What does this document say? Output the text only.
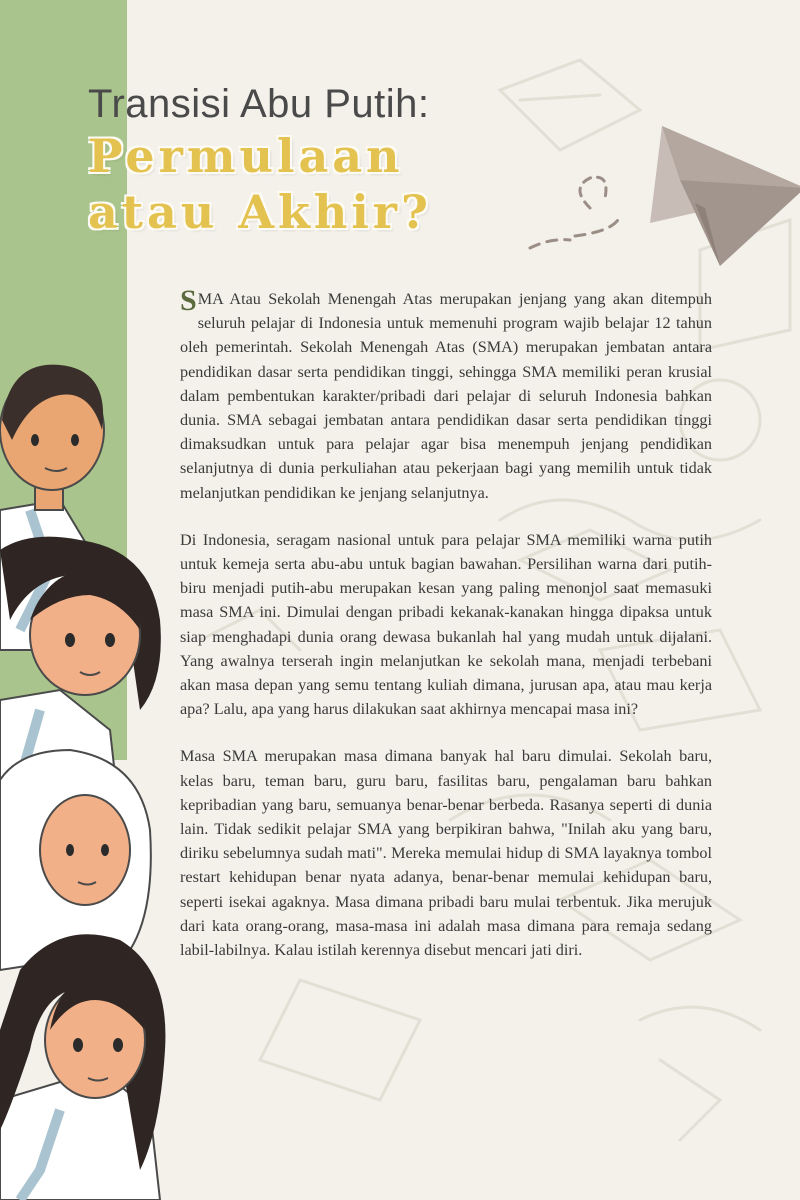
Transisi Abu Putih:
Permulaan
atau Akhir?

SMA Atau Sekolah Menengah Atas merupakan jenjang yang akan ditempuh seluruh pelajar di Indonesia untuk memenuhi program wajib belajar 12 tahun oleh pemerintah. Sekolah Menengah Atas (SMA) merupakan jembatan antara pendidikan dasar serta pendidikan tinggi, sehingga SMA memiliki peran krusial dalam pembentukan karakter/pribadi dari pelajar di seluruh Indonesia bahkan dunia. SMA sebagai jembatan antara pendidikan dasar serta pendidikan tinggi dimaksudkan untuk para pelajar agar bisa menempuh jenjang pendidikan selanjutnya di dunia perkuliahan atau pekerjaan bagi yang memilih untuk tidak melanjutkan pendidikan ke jenjang selanjutnya.

Di Indonesia, seragam nasional untuk para pelajar SMA memiliki warna putih untuk kemeja serta abu-abu untuk bagian bawahan. Persilihan warna dari putih-biru menjadi putih-abu merupakan kesan yang paling menonjol saat memasuki masa SMA ini. Dimulai dengan pribadi kekanak-kanakan hingga dipaksa untuk siap menghadapi dunia orang dewasa bukanlah hal yang mudah untuk dijalani. Yang awalnya terserah ingin melanjutkan ke sekolah mana, menjadi terbebani akan masa depan yang semu tentang kuliah dimana, jurusan apa, atau mau kerja apa? Lalu, apa yang harus dilakukan saat akhirnya mencapai masa ini?

Masa SMA merupakan masa dimana banyak hal baru dimulai. Sekolah baru, kelas baru, teman baru, guru baru, fasilitas baru, pengalaman baru bahkan kepribadian yang baru, semuanya benar-benar berbeda. Rasanya seperti di dunia lain. Tidak sedikit pelajar SMA yang berpikiran bahwa, "Inilah aku yang baru, diriku sebelumnya sudah mati". Mereka memulai hidup di SMA layaknya tombol restart kehidupan benar nyata adanya, benar-benar memulai kehidupan baru, seperti isekai agaknya. Masa dimana pribadi baru mulai terbentuk. Jika merujuk dari kata orang-orang, masa-masa ini adalah masa dimana para remaja sedang labil-labilnya. Kalau istilah kerennya disebut mencari jati diri.
